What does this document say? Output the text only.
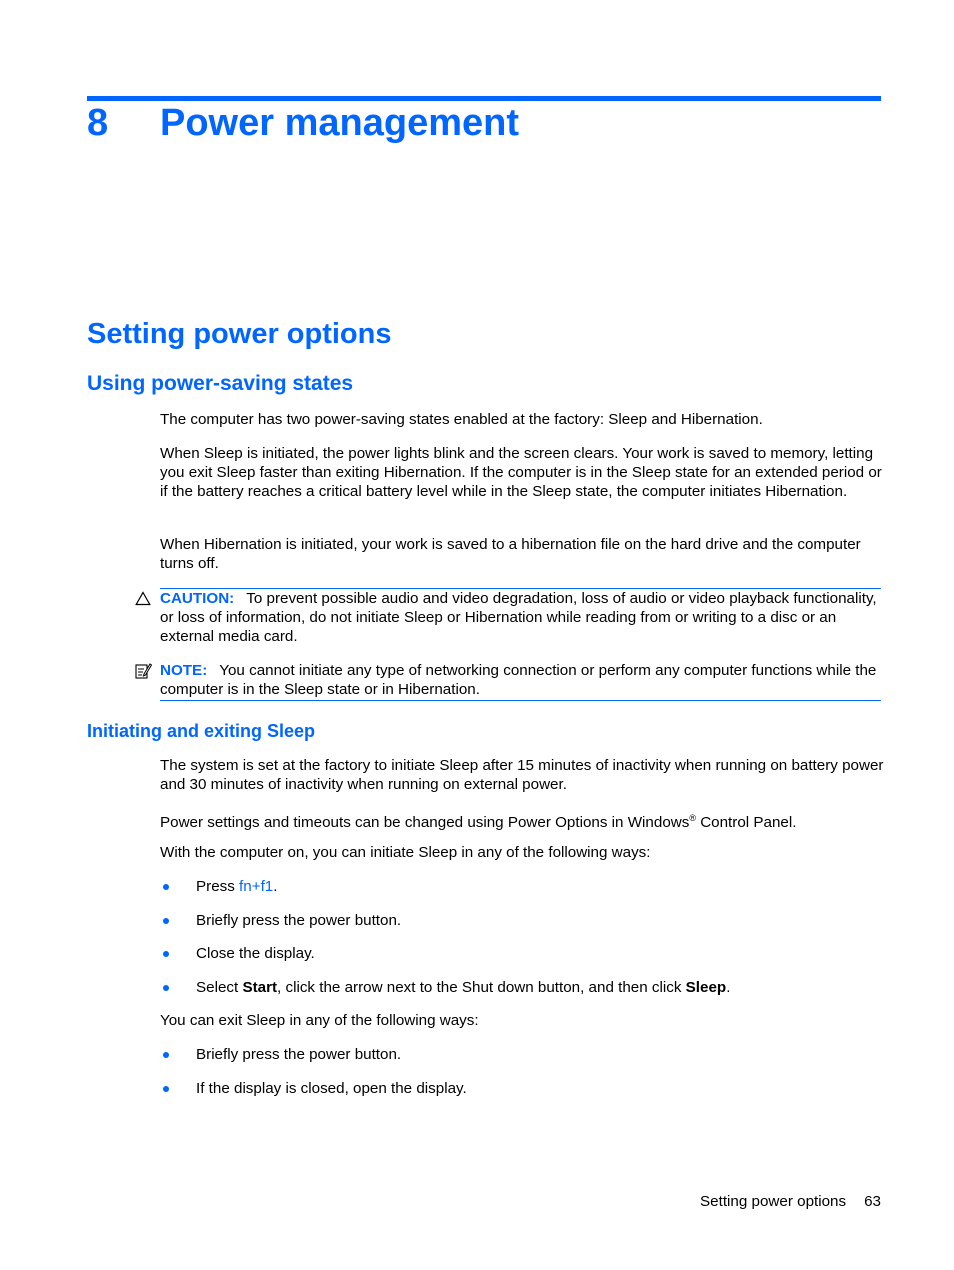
8 Power management
Setting power options
Using power-saving states

The computer has two power-saving states enabled at the factory: Sleep and Hibernation.

When Sleep is initiated, the power lights blink and the screen clears. Your work is saved to memory, letting you exit Sleep faster than exiting Hibernation. If the computer is in the Sleep state for an extended period or if the battery reaches a critical battery level while in the Sleep state, the computer initiates Hibernation.

When Hibernation is initiated, your work is saved to a hibernation file on the hard drive and the computer turns off.

CAUTION: To prevent possible audio and video degradation, loss of audio or video playback functionality, or loss of information, do not initiate Sleep or Hibernation while reading from or writing to a disc or an external media card.
NOTE: You cannot initiate any type of networking connection or perform any computer functions while the computer is in the Sleep state or in Hibernation.
Initiating and exiting Sleep

The system is set at the factory to initiate Sleep after 15 minutes of inactivity when running on battery power and 30 minutes of inactivity when running on external power.

Power settings and timeouts can be changed using Power Options in Windows® Control Panel.

With the computer on, you can initiate Sleep in any of the following ways:

Press fn+f1.
Briefly press the power button.
Close the display.
Select Start, click the arrow next to the Shut down button, and then click Sleep.

You can exit Sleep in any of the following ways:

Briefly press the power button.
If the display is closed, open the display.
Setting power options 63
